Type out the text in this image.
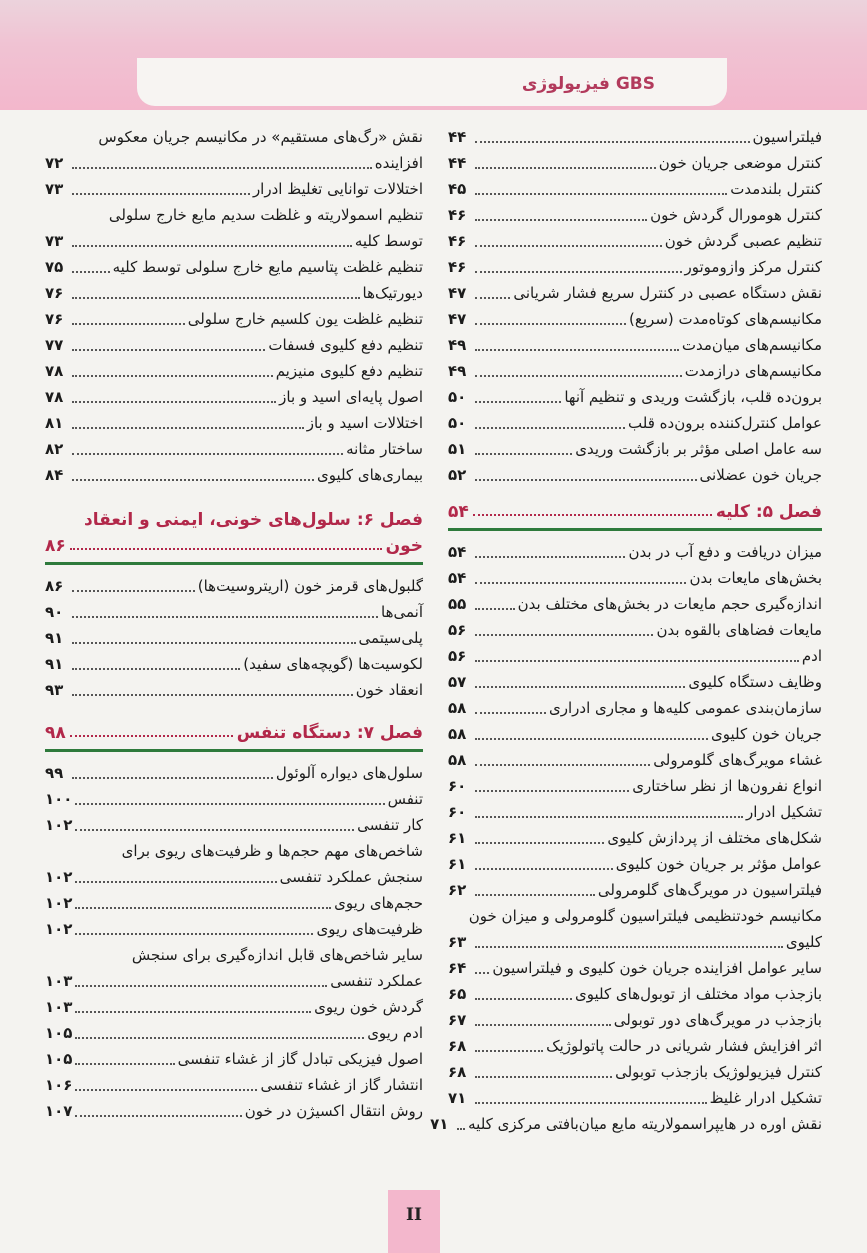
GBS فیزیولوژی
فیلتراسیون
۴۴
کنترل موضعی جریان خون
۴۴
کنترل بلندمدت
۴۵
کنترل هومورال گردش خون
۴۶
تنظیم عصبی گردش خون
۴۶
کنترل مرکز وازوموتور
۴۶
نقش دستگاه عصبی در کنترل سریع فشار شریانی
۴۷
مکانیسم‌های کوتاه‌مدت (سریع)
۴۷
مکانیسم‌های میان‌مدت
۴۹
مکانیسم‌های درازمدت
۴۹
برون‌ده قلب، بازگشت وریدی و تنظیم آنها
۵۰
عوامل کنترل‌کننده برون‌ده قلب
۵۰
سه عامل اصلی مؤثر بر بازگشت وریدی
۵۱
جریان خون عضلانی
۵۲
فصل ۵: کلیه
۵۴
میزان دریافت و دفع آب در بدن
۵۴
بخش‌های مایعات بدن
۵۴
اندازه‌گیری حجم مایعات در بخش‌های مختلف بدن
۵۵
مایعات فضاهای بالقوه بدن
۵۶
ادم
۵۶
وظایف دستگاه کلیوی
۵۷
سازمان‌بندی عمومی کلیه‌ها و مجاری ادراری
۵۸
جریان خون کلیوی
۵۸
غشاء مویرگ‌های گلومرولی
۵۸
انواع نفرون‌ها از نظر ساختاری
۶۰
تشکیل ادرار
۶۰
شکل‌های مختلف از پردازش کلیوی
۶۱
عوامل مؤثر بر جریان خون کلیوی
۶۱
فیلتراسیون در مویرگ‌های گلومرولی
۶۲
مکانیسم خودتنظیمی فیلتراسیون گلومرولی و میزان خون
کلیوی
۶۳
سایر عوامل افزاینده جریان خون کلیوی و فیلتراسیون
۶۴
بازجذب مواد مختلف از توبول‌های کلیوی
۶۵
بازجذب در مویرگ‌های دور توبولی
۶۷
اثر افزایش فشار شریانی در حالت پاتولوژیک
۶۸
کنترل فیزیولوژیک بازجذب توبولی
۶۸
تشکیل ادرار غلیظ
۷۱
نقش اوره در هایپراسمولاریته مایع میان‌بافتی مرکزی کلیه
۷۱
نقش «رگ‌های مستقیم» در مکانیسم جریان معکوس
افزاینده
۷۲
اختلالات توانایی تغلیظ ادرار
۷۳
تنظیم اسمولاریته و غلظت سدیم مایع خارج سلولی
توسط کلیه
۷۳
تنظیم غلظت پتاسیم مایع خارج سلولی توسط کلیه
۷۵
دیورتیک‌ها
۷۶
تنظیم غلظت یون کلسیم خارج سلولی
۷۶
تنظیم دفع کلیوی فسفات
۷۷
تنظیم دفع کلیوی منیزیم
۷۸
اصول پایه‌ای اسید و باز
۷۸
اختلالات اسید و باز
۸۱
ساختار مثانه
۸۲
بیماری‌های کلیوی
۸۴
فصل ۶: سلول‌های خونی، ایمنی و انعقاد
خون
۸۶
گلبول‌های قرمز خون (اریتروسیت‌ها)
۸۶
آنمی‌ها
۹۰
پلی‌سیتمی
۹۱
لکوسیت‌ها (گویچه‌های سفید)
۹۱
انعقاد خون
۹۳
فصل ۷: دستگاه تنفس
۹۸
سلول‌های دیواره آلوئول
۹۹
تنفس
۱۰۰
کار تنفسی
۱۰۲
شاخص‌های مهم حجم‌ها و ظرفیت‌های ریوی برای
سنجش عملکرد تنفسی
۱۰۲
حجم‌های ریوی
۱۰۲
ظرفیت‌های ریوی
۱۰۲
سایر شاخص‌های قابل اندازه‌گیری برای سنجش
عملکرد تنفسی
۱۰۳
گردش خون ریوی
۱۰۳
ادم ریوی
۱۰۵
اصول فیزیکی تبادل گاز از غشاء تنفسی
۱۰۵
انتشار گاز از غشاء تنفسی
۱۰۶
روش انتقال اکسیژن در خون
۱۰۷
II
